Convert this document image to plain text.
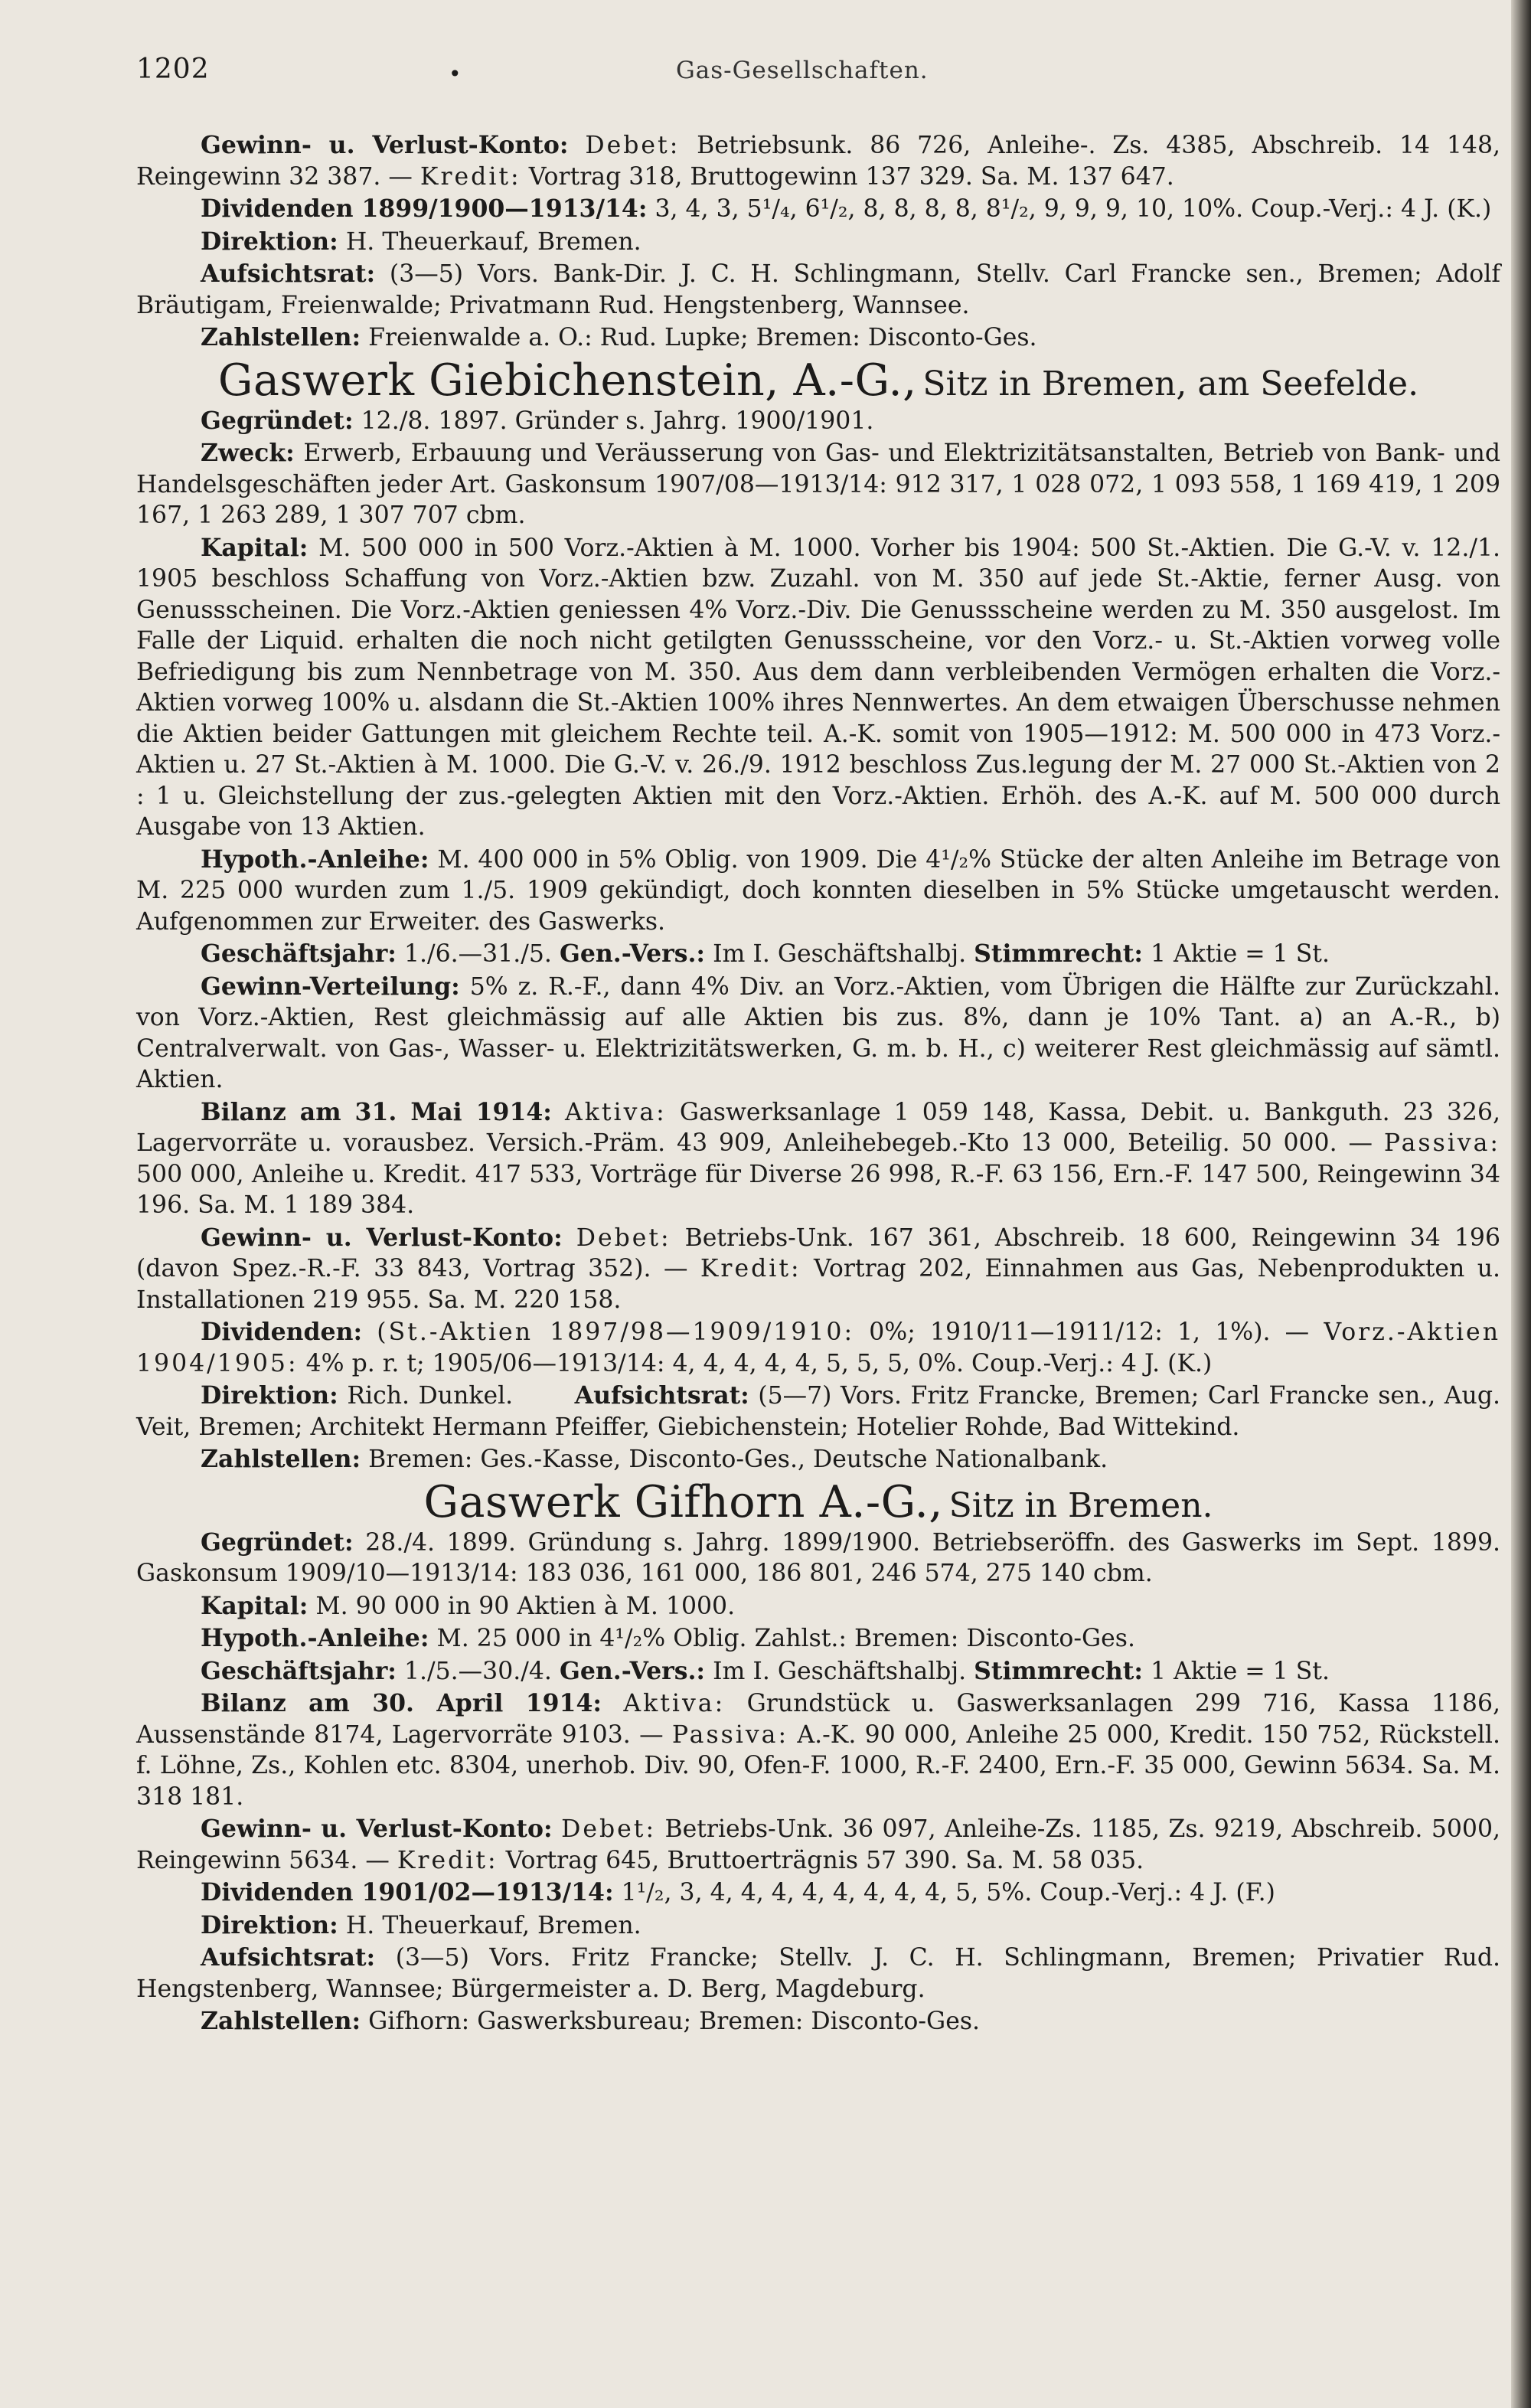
1202	•	Gas-Gesellschaften.

Gewinn- u. Verlust-Konto: Debet: Betriebsunk. 86 726, Anleihe-. Zs. 4385, Abschreib. 14 148, Reingewinn 32 387. — Kredit: Vortrag 318, Bruttogewinn 137 329. Sa. M. 137 647.

Dividenden 1899/1900—1913/14: 3, 4, 3, 5¹/₄, 6¹/₂, 8, 8, 8, 8, 8¹/₂, 9, 9, 9, 10, 10%. Coup.-Verj.: 4 J. (K.)

Direktion: H. Theuerkauf, Bremen.

Aufsichtsrat: (3—5) Vors. Bank-Dir. J. C. H. Schlingmann, Stellv. Carl Francke sen., Bremen; Adolf Bräutigam, Freienwalde; Privatmann Rud. Hengstenberg, Wannsee.

Zahlstellen: Freienwalde a. O.: Rud. Lupke; Bremen: Disconto-Ges.

Gaswerk Giebichenstein, A.-G., Sitz in Bremen, am Seefelde.

Gegründet: 12./8. 1897. Gründer s. Jahrg. 1900/1901.

Zweck: Erwerb, Erbauung und Veräusserung von Gas- und Elektrizitätsanstalten, Betrieb von Bank- und Handelsgeschäften jeder Art. Gaskonsum 1907/08—1913/14: 912 317, 1 028 072, 1 093 558, 1 169 419, 1 209 167, 1 263 289, 1 307 707 cbm.

Kapital: M. 500 000 in 500 Vorz.-Aktien à M. 1000. Vorher bis 1904: 500 St.-Aktien. Die G.-V. v. 12./1. 1905 beschloss Schaffung von Vorz.-Aktien bzw. Zuzahl. von M. 350 auf jede St.-Aktie, ferner Ausg. von Genussscheinen. Die Vorz.-Aktien geniessen 4% Vorz.-Div. Die Genussscheine werden zu M. 350 ausgelost. Im Falle der Liquid. erhalten die noch nicht getilgten Genussscheine, vor den Vorz.- u. St.-Aktien vorweg volle Befriedigung bis zum Nennbetrage von M. 350. Aus dem dann verbleibenden Vermögen erhalten die Vorz.-Aktien vorweg 100% u. alsdann die St.-Aktien 100% ihres Nennwertes. An dem etwaigen Überschusse nehmen die Aktien beider Gattungen mit gleichem Rechte teil. A.-K. somit von 1905—1912: M. 500 000 in 473 Vorz.-Aktien u. 27 St.-Aktien à M. 1000. Die G.-V. v. 26./9. 1912 beschloss Zus.legung der M. 27 000 St.-Aktien von 2 : 1 u. Gleichstellung der zus.-gelegten Aktien mit den Vorz.-Aktien. Erhöh. des A.-K. auf M. 500 000 durch Ausgabe von 13 Aktien.

Hypoth.-Anleihe: M. 400 000 in 5% Oblig. von 1909. Die 4¹/₂% Stücke der alten Anleihe im Betrage von M. 225 000 wurden zum 1./5. 1909 gekündigt, doch konnten dieselben in 5% Stücke umgetauscht werden. Aufgenommen zur Erweiter. des Gaswerks.

Geschäftsjahr: 1./6.—31./5. Gen.-Vers.: Im I. Geschäftshalbj. Stimmrecht: 1 Aktie = 1 St.

Gewinn-Verteilung: 5% z. R.-F., dann 4% Div. an Vorz.-Aktien, vom Übrigen die Hälfte zur Zurückzahl. von Vorz.-Aktien, Rest gleichmässig auf alle Aktien bis zus. 8%, dann je 10% Tant. a) an A.-R., b) Centralverwalt. von Gas-, Wasser- u. Elektrizitätswerken, G. m. b. H., c) weiterer Rest gleichmässig auf sämtl. Aktien.

Bilanz am 31. Mai 1914: Aktiva: Gaswerksanlage 1 059 148, Kassa, Debit. u. Bankguth. 23 326, Lagervorräte u. vorausbez. Versich.-Präm. 43 909, Anleihebegeb.-Kto 13 000, Beteilig. 50 000. — Passiva: 500 000, Anleihe u. Kredit. 417 533, Vorträge für Diverse 26 998, R.-F. 63 156, Ern.-F. 147 500, Reingewinn 34 196. Sa. M. 1 189 384.

Gewinn- u. Verlust-Konto: Debet: Betriebs-Unk. 167 361, Abschreib. 18 600, Reingewinn 34 196 (davon Spez.-R.-F. 33 843, Vortrag 352). — Kredit: Vortrag 202, Einnahmen aus Gas, Nebenprodukten u. Installationen 219 955. Sa. M. 220 158.

Dividenden: (St.-Aktien 1897/98—1909/1910: 0%; 1910/11—1911/12: 1, 1%). — Vorz.-Aktien 1904/1905: 4% p. r. t; 1905/06—1913/14: 4, 4, 4, 4, 4, 5, 5, 5, 0%. Coup.-Verj.: 4 J. (K.)

Direktion: Rich. Dunkel.	Aufsichtsrat: (5—7) Vors. Fritz Francke, Bremen; Carl Francke sen., Aug. Veit, Bremen; Architekt Hermann Pfeiffer, Giebichenstein; Hotelier Rohde, Bad Wittekind.

Zahlstellen: Bremen: Ges.-Kasse, Disconto-Ges., Deutsche Nationalbank.

Gaswerk Gifhorn A.-G., Sitz in Bremen.

Gegründet: 28./4. 1899. Gründung s. Jahrg. 1899/1900. Betriebseröffn. des Gaswerks im Sept. 1899. Gaskonsum 1909/10—1913/14: 183 036, 161 000, 186 801, 246 574, 275 140 cbm.

Kapital: M. 90 000 in 90 Aktien à M. 1000.

Hypoth.-Anleihe: M. 25 000 in 4¹/₂% Oblig. Zahlst.: Bremen: Disconto-Ges.

Geschäftsjahr: 1./5.—30./4. Gen.-Vers.: Im I. Geschäftshalbj. Stimmrecht: 1 Aktie = 1 St.

Bilanz am 30. April 1914: Aktiva: Grundstück u. Gaswerksanlagen 299 716, Kassa 1186, Aussenstände 8174, Lagervorräte 9103. — Passiva: A.-K. 90 000, Anleihe 25 000, Kredit. 150 752, Rückstell. f. Löhne, Zs., Kohlen etc. 8304, unerhob. Div. 90, Ofen-F. 1000, R.-F. 2400, Ern.-F. 35 000, Gewinn 5634. Sa. M. 318 181.

Gewinn- u. Verlust-Konto: Debet: Betriebs-Unk. 36 097, Anleihe-Zs. 1185, Zs. 9219, Abschreib. 5000, Reingewinn 5634. — Kredit: Vortrag 645, Bruttoerträgnis 57 390. Sa. M. 58 035.

Dividenden 1901/02—1913/14: 1¹/₂, 3, 4, 4, 4, 4, 4, 4, 4, 4, 5, 5%. Coup.-Verj.: 4 J. (F.)

Direktion: H. Theuerkauf, Bremen.

Aufsichtsrat: (3—5) Vors. Fritz Francke; Stellv. J. C. H. Schlingmann, Bremen; Privatier Rud. Hengstenberg, Wannsee; Bürgermeister a. D. Berg, Magdeburg.

Zahlstellen: Gifhorn: Gaswerksbureau; Bremen: Disconto-Ges.
